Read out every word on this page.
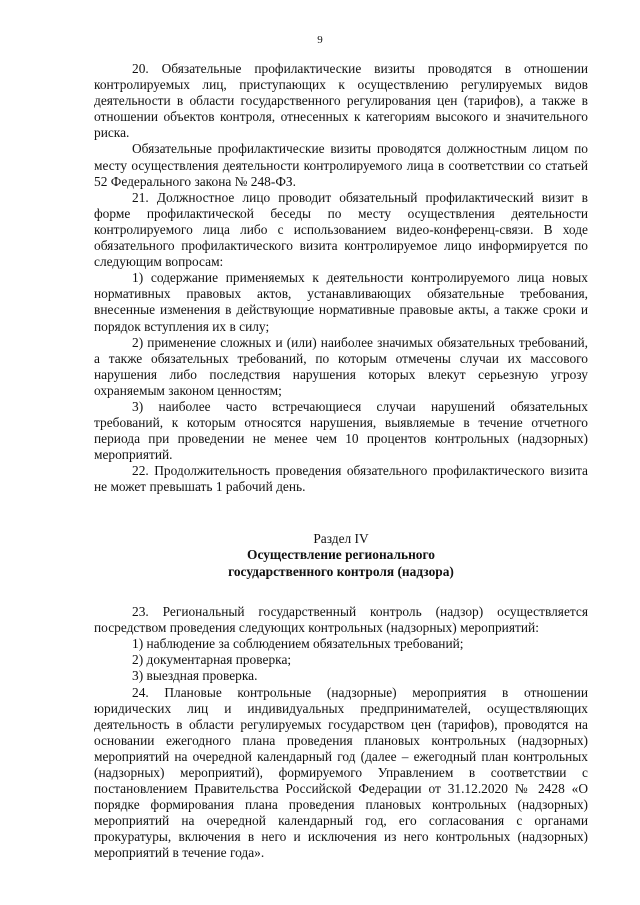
9

20. Обязательные профилактические визиты проводятся в отношении контролируемых лиц, приступающих к осуществлению регулируемых видов деятельности в области государственного регулирования цен (тарифов), а также в отношении объектов контроля, отнесенных к категориям высокого и значительного риска.

Обязательные профилактические визиты проводятся должностным лицом по месту осуществления деятельности контролируемого лица в соответствии со статьей 52 Федерального закона № 248-ФЗ.

21. Должностное лицо проводит обязательный профилактический визит в форме профилактической беседы по месту осуществления деятельности контролируемого лица либо с использованием видео-конференц-связи. В ходе обязательного профилактического визита контролируемое лицо информируется по следующим вопросам:

1) содержание применяемых к деятельности контролируемого лица новых нормативных правовых актов, устанавливающих обязательные требования, внесенные изменения в действующие нормативные правовые акты, а также сроки и порядок вступления их в силу;

2) применение сложных и (или) наиболее значимых обязательных требований, а также обязательных требований, по которым отмечены случаи их массового нарушения либо последствия нарушения которых влекут серьезную угрозу охраняемым законом ценностям;

3) наиболее часто встречающиеся случаи нарушений обязательных требований, к которым относятся нарушения, выявляемые в течение отчетного периода при проведении не менее чем 10 процентов контрольных (надзорных) мероприятий.

22. Продолжительность проведения обязательного профилактического визита не может превышать 1 рабочий день.

Раздел IV
Осуществление регионального
государственного контроля (надзора)

23. Региональный государственный контроль (надзор) осуществляется посредством проведения следующих контрольных (надзорных) мероприятий:

1) наблюдение за соблюдением обязательных требований;

2) документарная проверка;

3) выездная проверка.

24. Плановые контрольные (надзорные) мероприятия в отношении юридических лиц и индивидуальных предпринимателей, осуществляющих деятельность в области регулируемых государством цен (тарифов), проводятся на основании ежегодного плана проведения плановых контрольных (надзорных) мероприятий на очередной календарный год (далее – ежегодный план контрольных (надзорных) мероприятий), формируемого Управлением в соответствии с постановлением Правительства Российской Федерации от 31.12.2020 № 2428 «О порядке формирования плана проведения плановых контрольных (надзорных) мероприятий на очередной календарный год, его согласования с органами прокуратуры, включения в него и исключения из него контрольных (надзорных) мероприятий в течение года».
